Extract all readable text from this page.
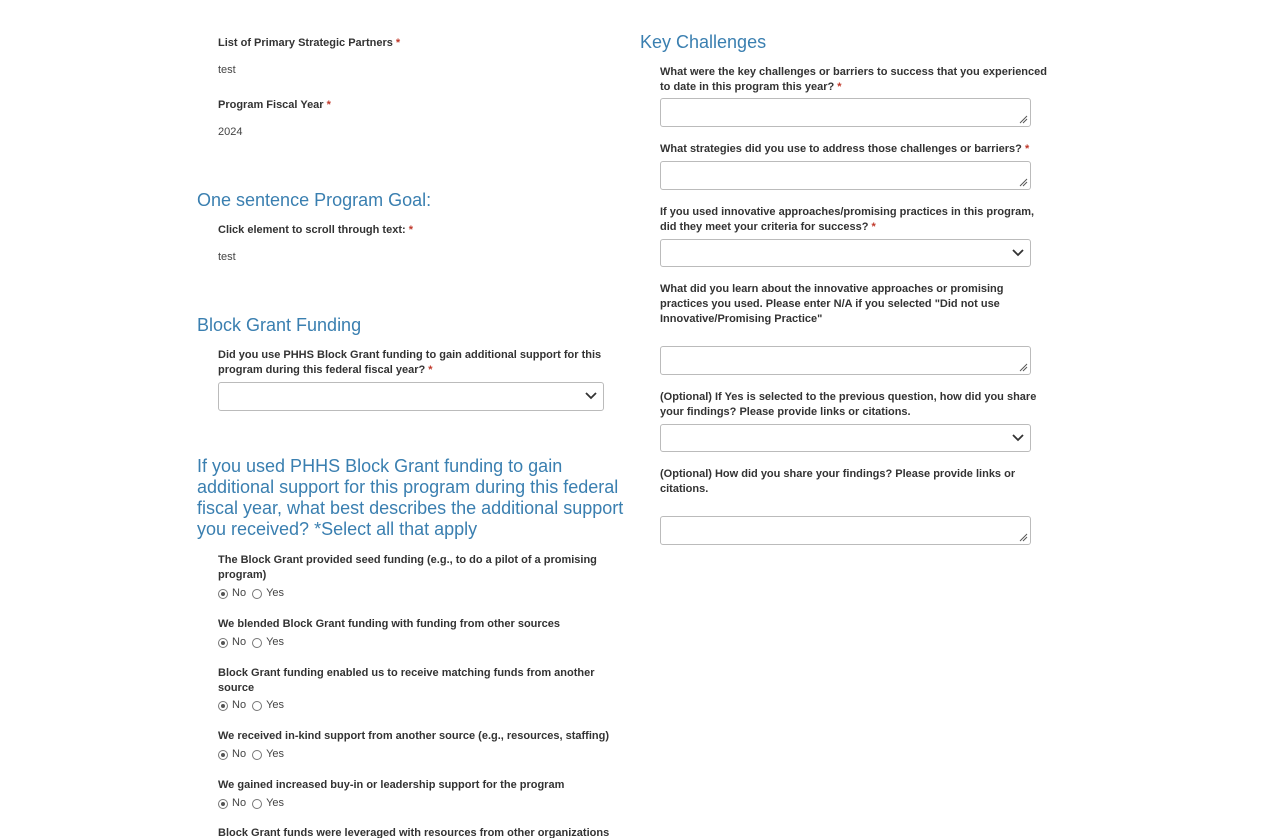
List of Primary Strategic Partners *
test
Program Fiscal Year *
2024
One sentence Program Goal:
Click element to scroll through text: *
test
Block Grant Funding
Did you use PHHS Block Grant funding to gain additional support for this
program during this federal fiscal year? *
If you used PHHS Block Grant funding to gain
additional support for this program during this federal
fiscal year, what best describes the additional support
you received? *Select all that apply
The Block Grant provided seed funding (e.g., to do a pilot of a promising
program)
No Yes
We blended Block Grant funding with funding from other sources
No Yes
Block Grant funding enabled us to receive matching funds from another
source
No Yes
We received in-kind support from another source (e.g., resources, staffing)
No Yes
We gained increased buy-in or leadership support for the program
No Yes
Block Grant funds were leveraged with resources from other organizations
Key Challenges
What were the key challenges or barriers to success that you experienced
to date in this program this year? *
What strategies did you use to address those challenges or barriers? *
If you used innovative approaches/promising practices in this program,
did they meet your criteria for success? *
What did you learn about the innovative approaches or promising
practices you used. Please enter N/A if you selected "Did not use
Innovative/Promising Practice"
(Optional) If Yes is selected to the previous question, how did you share
your findings? Please provide links or citations.
(Optional) How did you share your findings? Please provide links or
citations.
